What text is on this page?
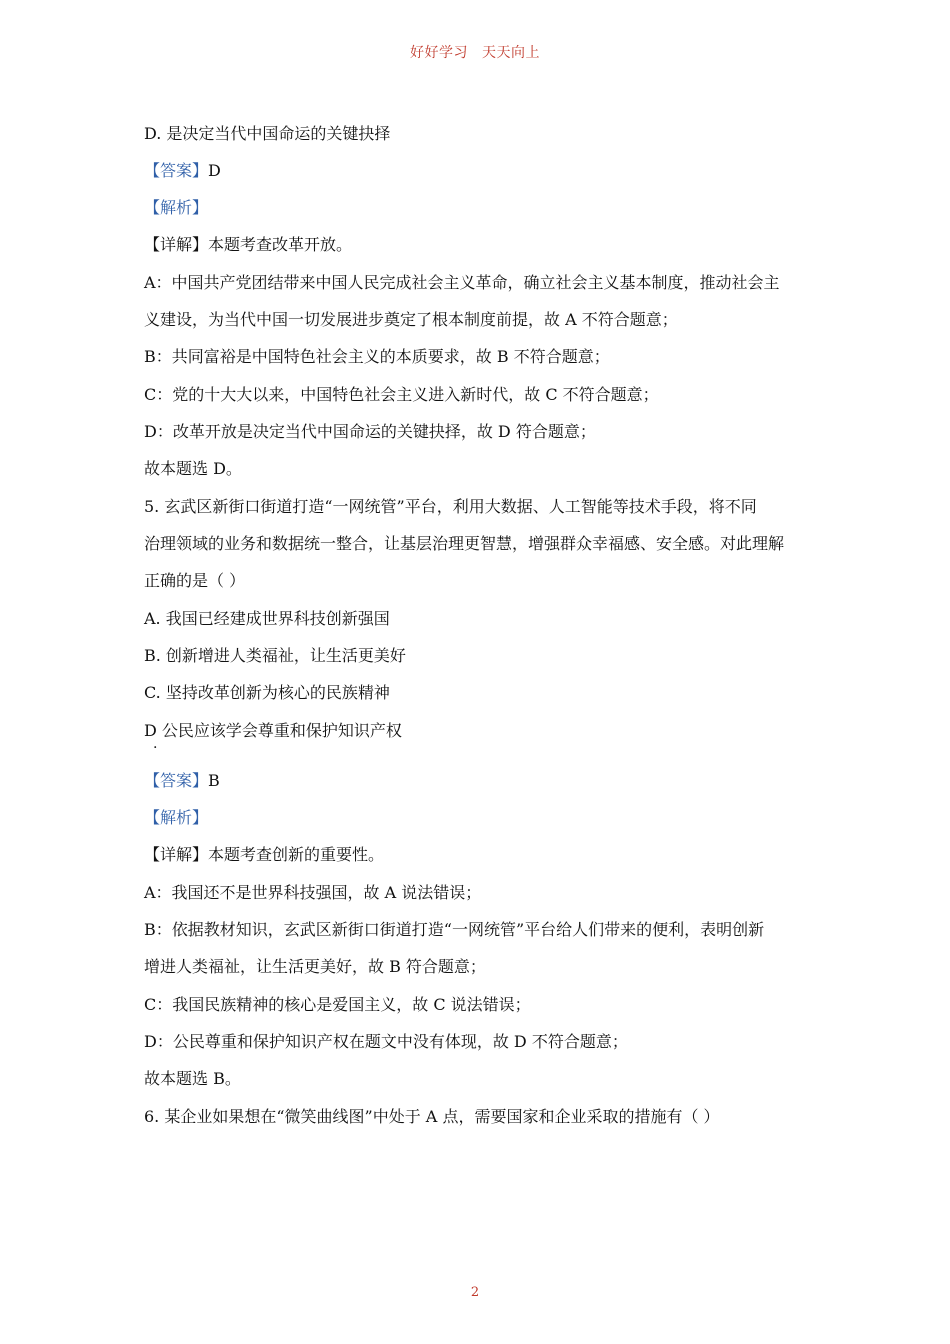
好好学习 天天向上
D. 是决定当代中国命运的关键抉择
【答案】D
【解析】
【详解】本题考查改革开放。
A：中国共产党团结带来中国人民完成社会主义革命，确立社会主义基本制度，推动社会主
义建设，为当代中国一切发展进步奠定了根本制度前提，故 A 不符合题意；
B：共同富裕是中国特色社会主义的本质要求，故 B 不符合题意；
C：党的十大大以来，中国特色社会主义进入新时代，故 C 不符合题意；
D：改革开放是决定当代中国命运的关键抉择，故 D 符合题意；
故本题选 D。
5. 玄武区新街口街道打造“一网统管”平台，利用大数据、人工智能等技术手段，将不同
治理领域的业务和数据统一整合，让基层治理更智慧，增强群众幸福感、安全感。对此理解
正确的是（ ）
A. 我国已经建成世界科技创新强国
B. 创新增进人类福祉，让生活更美好
C. 坚持改革创新为核心的民族精神
D 公民应该学会尊重和保护知识产权
.
【答案】B
【解析】
【详解】本题考查创新的重要性。
A：我国还不是世界科技强国，故 A 说法错误；
B：依据教材知识，玄武区新街口街道打造“一网统管”平台给人们带来的便利，表明创新
增进人类福祉，让生活更美好，故 B 符合题意；
C：我国民族精神的核心是爱国主义，故 C 说法错误；
D：公民尊重和保护知识产权在题文中没有体现，故 D 不符合题意；
故本题选 B。
6. 某企业如果想在“微笑曲线图”中处于 A 点，需要国家和企业采取的措施有（ ）
2
